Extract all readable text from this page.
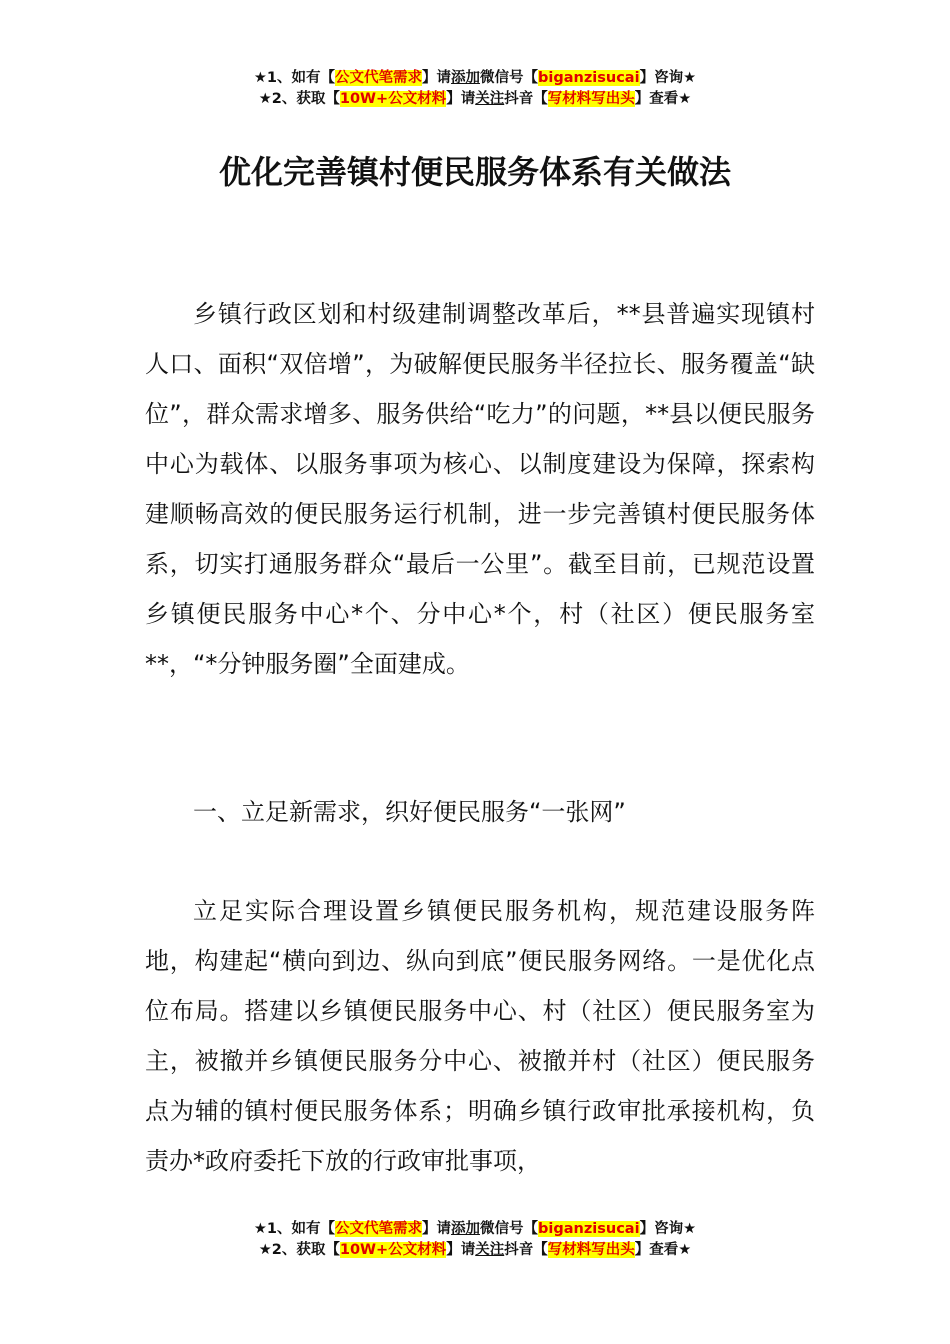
★1、如有【公文代笔需求】请添加微信号【biganzisucai】咨询★
★2、获取【10W+公文材料】请关注抖音【写材料写出头】查看★
优化完善镇村便民服务体系有关做法

乡镇行政区划和村级建制调整改革后，**县普遍实现镇村人口、面积“双倍增”，为破解便民服务半径拉长、服务覆盖“缺位”，群众需求增多、服务供给“吃力”的问题，**县以便民服务中心为载体、以服务事项为核心、以制度建设为保障，探索构建顺畅高效的便民服务运行机制，进一步完善镇村便民服务体系，切实打通服务群众“最后一公里”。截至目前，已规范设置乡镇便民服务中心*个、分中心*个，村（社区）便民服务室**，“*分钟服务圈”全面建成。

一、立足新需求，织好便民服务“一张网”

立足实际合理设置乡镇便民服务机构，规范建设服务阵地，构建起“横向到边、纵向到底”便民服务网络。一是优化点位布局。搭建以乡镇便民服务中心、村（社区）便民服务室为主，被撤并乡镇便民服务分中心、被撤并村（社区）便民服务点为辅的镇村便民服务体系；明确乡镇行政审批承接机构，负责办*政府委托下放的行政审批事项，

★1、如有【公文代笔需求】请添加微信号【biganzisucai】咨询★
★2、获取【10W+公文材料】请关注抖音【写材料写出头】查看★
